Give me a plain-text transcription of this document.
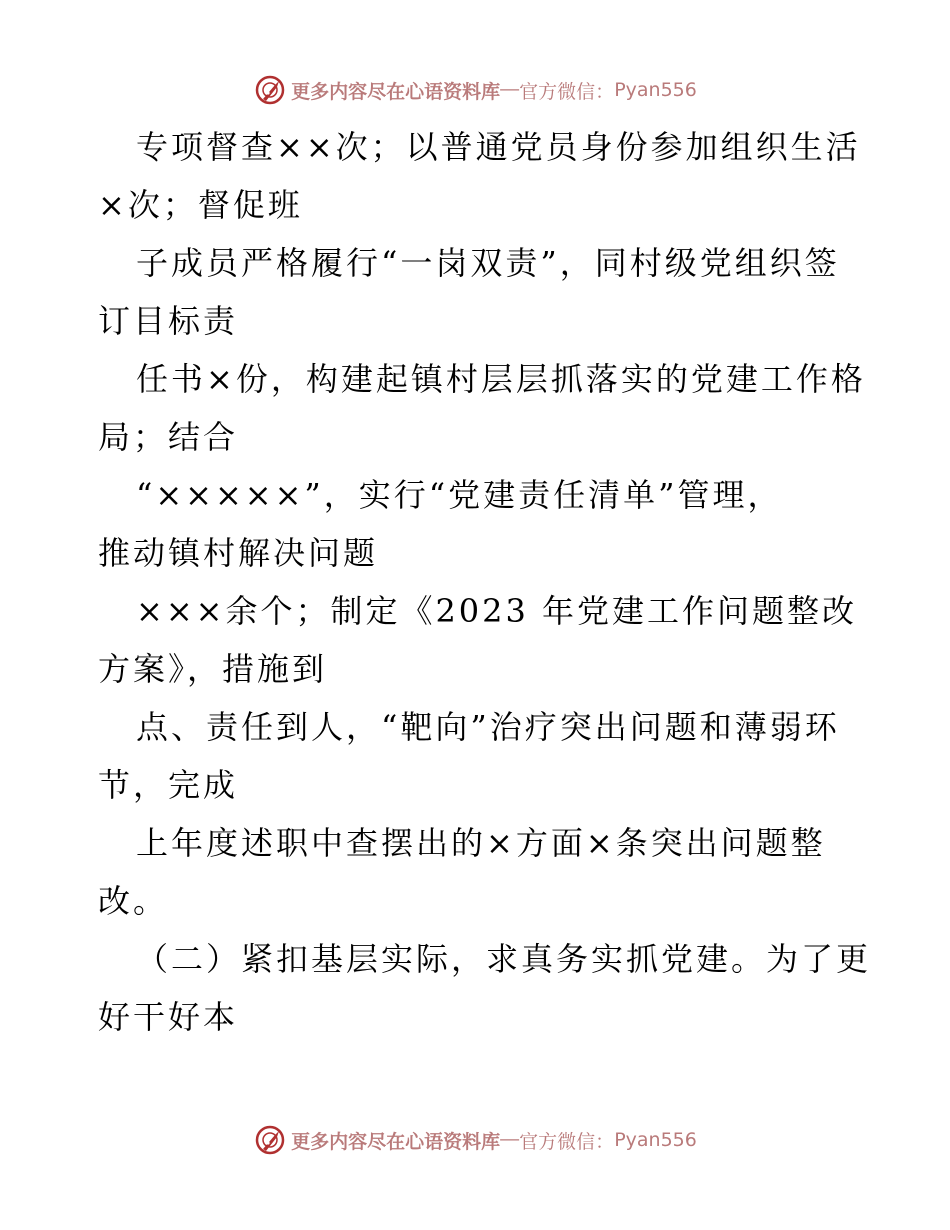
更多内容尽在心语资料库 — 官方微信： Pyan556
专项督查××次；以普通党员身份参加组织生活
×次；督促班
子成员严格履行“一岗双责”，同村级党组织签
订目标责
任书×份，构建起镇村层层抓落实的党建工作格
局；结合
“×××××”，实行“党建责任清单”管理，
推动镇村解决问题
×××余个；制定《2023 年党建工作问题整改
方案》，措施到
点、责任到人，“靶向”治疗突出问题和薄弱环
节，完成
上年度述职中查摆出的×方面×条突出问题整
改。
（二）紧扣基层实际，求真务实抓党建。为了更
好干好本
更多内容尽在心语资料库 — 官方微信： Pyan556
